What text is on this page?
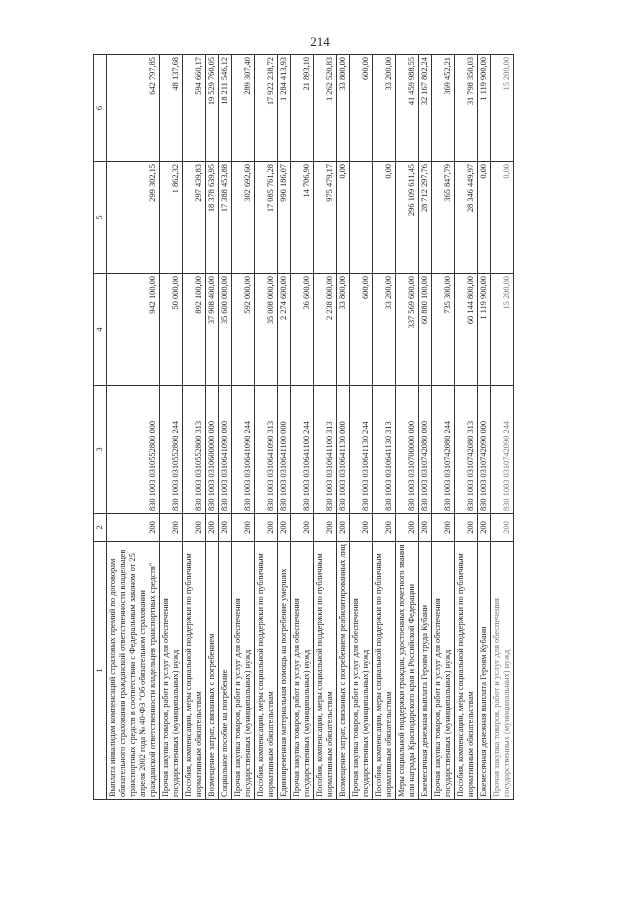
214
1	2	3	4	5	6
Выплата инвалидам компенсаций страховых премий по договорам обязательного страхования гражданской ответственности владельцев транспортных средств в соответствии с Федеральным законом от 25 апреля 2002 года № 40-ФЗ "Об обязательном страховании гражданской ответственности владельцев транспортных средств"	200	830 1003 0310552800 000	942 100,00	299 302,15	642 797,85
Прочая закупка товаров, работ и услуг для обеспечения государственных (муниципальных) нужд	200	830 1003 0310552800 244	50 000,00	1 862,32	48 137,68
Пособия, компенсации, меры социальной поддержки по публичным нормативным обязательствам	200	830 1003 0310552800 313	892 100,00	297 439,83	594 660,17
Возмещение затрат, связанных с погребением	200	830 1003 0310600000 000	37 908 400,00	18 378 639,95	19 529 760,05
Социальное пособие на погребение	200	830 1003 0310641090 000	35 600 000,00	17 388 453,88	18 211 546,12
Прочая закупка товаров, работ и услуг для обеспечения государственных (муниципальных) нужд	200	830 1003 0310641090 244	592 000,00	302 692,60	289 307,40
Пособия, компенсации, меры социальной поддержки по публичным нормативным обязательствам	200	830 1003 0310641090 313	35 008 000,00	17 085 761,28	17 922 238,72
Единовременная материальная помощь на погребение умерших	200	830 1003 0310641100 000	2 274 600,00	990 186,07	1 284 413,93
Прочая закупка товаров, работ и услуг для обеспечения государственных (муниципальных) нужд	200	830 1003 0310641100 244	36 600,00	14 706,90	21 893,10
Пособия, компенсации, меры социальной поддержки по публичным нормативным обязательствам	200	830 1003 0310641100 313	2 238 000,00	975 479,17	1 262 520,83
Возмещение затрат, связанных с погребением реабилитированных лиц	200	830 1003 0310641130 000	33 800,00	0,00	33 800,00
Прочая закупка товаров, работ и услуг для обеспечения государственных (муниципальных) нужд	200	830 1003 0310641130 244	600,00		600,00
Пособия, компенсации, меры социальной поддержки по публичным нормативным обязательствам	200	830 1003 0310641130 313	33 200,00	0,00	33 200,00
Меры социальной поддержки граждан, удостоенных почетного звания или награды Краснодарского края и Российской Федерации	200	830 1003 0310700000 000	337 569 600,00	296 109 611,45	41 459 988,55
Ежемесячная денежная выплата Героям труда Кубани	200	830 1003 0310742080 000	60 880 100,00	28 712 297,76	32 167 802,24
Прочая закупка товаров, работ и услуг для обеспечения государственных (муниципальных) нужд	200	830 1003 0310742080 244	735 300,00	365 847,79	369 452,21
Пособия, компенсации, меры социальной поддержки по публичным нормативным обязательствам	200	830 1003 0310742080 313	60 144 800,00	28 346 449,97	31 798 350,03
Ежемесячная денежная выплата Героям Кубани	200	830 1003 0310742090 000	1 119 900,00	0,00	1 119 900,00
Прочая закупка товаров, работ и услуг для обеспечения государственных (муниципальных) нужд	200	830 1003 0310742090 244	15 200,00	0,00	15 200,00
